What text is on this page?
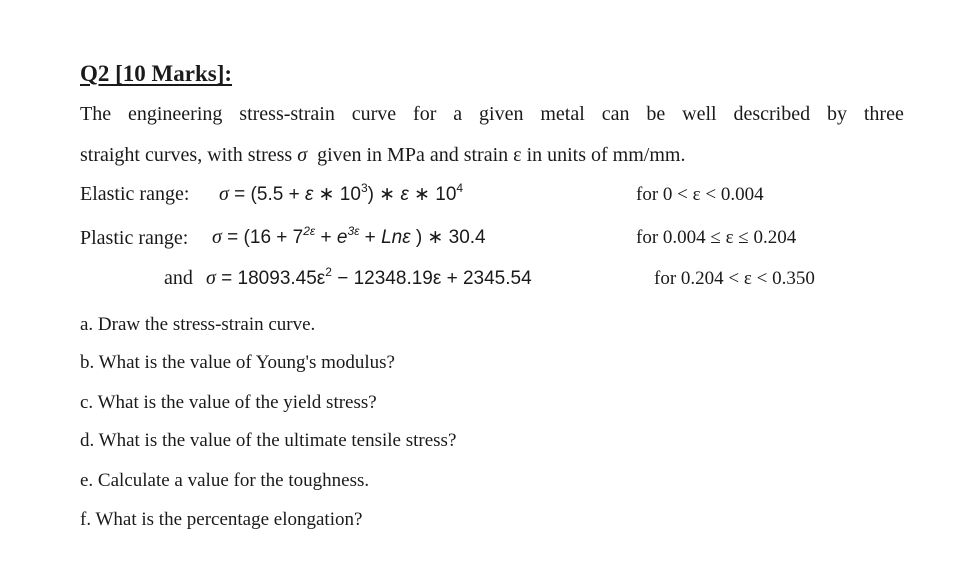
Q2 [10 Marks]:
The engineering stress-strain curve for a given metal can be well described by three
straight curves, with stress σ given in MPa and strain ε in units of mm/mm.
Elastic range: σ = (5.5 + ε ∗ $10^3$) ∗ ε ∗ $10^4$	for 0 < ε < 0.004
Plastic range: $\sigma = (16 + 7^{2\varepsilon} + e^{3\varepsilon} + Ln\varepsilon$ ) ∗ 30.4	for 0.004 ≤ ε ≤ 0.204
and $\sigma = 18093.45\varepsilon^2 - 12348.19\varepsilon + 2345.54$	for 0.204 < ε < 0.350
a. Draw the stress-strain curve.
b. What is the value of Young's modulus?
c. What is the value of the yield stress?
d. What is the value of the ultimate tensile stress?
e. Calculate a value for the toughness.
f. What is the percentage elongation?
